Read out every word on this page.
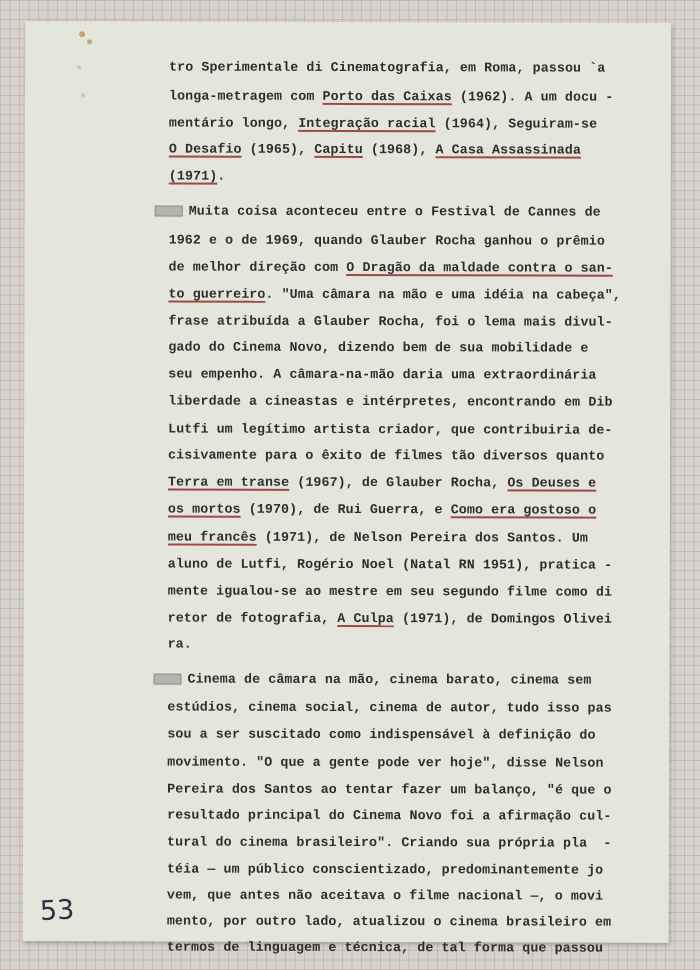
tro Sperimentale di Cinematografia, em Roma, passou `a
longa-metragem com Porto das Caixas (1962). A um docu -
mentário longo, Integração racial (1964), Seguiram-se
O Desafio (1965), Capitu (1968), A Casa Assassinada
(1971).
Muita coisa aconteceu entre o Festival de Cannes de
1962 e o de 1969, quando Glauber Rocha ganhou o prêmio
de melhor direção com O Dragão da maldade contra o san-
to guerreiro. "Uma câmara na mão e uma idéia na cabeça",
frase atribuída a Glauber Rocha, foi o lema mais divul-
gado do Cinema Novo, dizendo bem de sua mobilidade e
seu empenho. A câmara-na-mão daria uma extraordinária
liberdade a cineastas e intérpretes, encontrando em Dib
Lutfi um legítimo artista criador, que contribuiria de-
cisivamente para o êxito de filmes tão diversos quanto
Terra em transe (1967), de Glauber Rocha, Os Deuses e
os mortos (1970), de Rui Guerra, e Como era gostoso o
meu francês (1971), de Nelson Pereira dos Santos. Um
aluno de Lutfi, Rogério Noel (Natal RN 1951), pratica -
mente igualou-se ao mestre em seu segundo filme como di
retor de fotografia, A Culpa (1971), de Domingos Olivei
ra.
Cinema de câmara na mão, cinema barato, cinema sem
estúdios, cinema social, cinema de autor, tudo isso pas
sou a ser suscitado como indispensável à definição do
movimento. "O que a gente pode ver hoje", disse Nelson
Pereira dos Santos ao tentar fazer um balanço, "é que o
resultado principal do Cinema Novo foi a afirmação cul-
tural do cinema brasileiro". Criando sua própria pla  -
téia — um público conscientizado, predominantemente jo
vem, que antes não aceitava o filme nacional —, o movi
mento, por outro lado, atualizou o cinema brasileiro em
termos de linguagem e técnica, de tal forma que passou
53
